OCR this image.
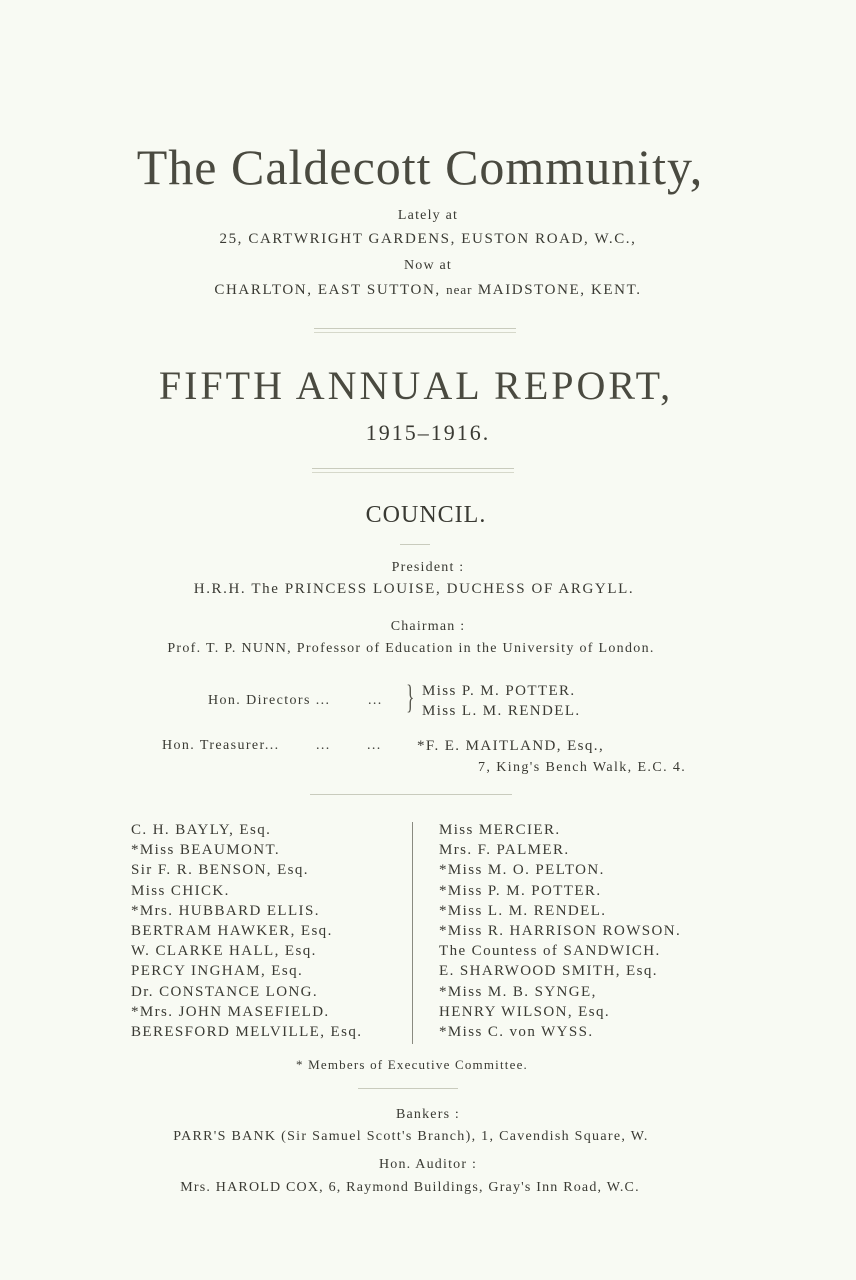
The Caldecott Community,
Lately at
25, CARTWRIGHT GARDENS, EUSTON ROAD, W.C.,
Now at
CHARLTON, EAST SUTTON, near MAIDSTONE, KENT.
FIFTH ANNUAL REPORT,
1915–1916.
COUNCIL.
President :
H.R.H. The PRINCESS LOUISE, DUCHESS OF ARGYLL.
Chairman :
Prof. T. P. NUNN, Professor of Education in the University of London.
Hon. Directors ...	... } Miss P. M. POTTER.
Miss L. M. RENDEL.
Hon. Treasurer...	...	... *F. E. MAITLAND, Esq.,
7, King's Bench Walk, E.C. 4.
C. H. BAYLY, Esq.
*Miss BEAUMONT.
Sir F. R. BENSON, Esq.
Miss CHICK.
*Mrs. HUBBARD ELLIS.
BERTRAM HAWKER, Esq.
W. CLARKE HALL, Esq.
PERCY INGHAM, Esq.
Dr. CONSTANCE LONG.
*Mrs. JOHN MASEFIELD.
BERESFORD MELVILLE, Esq.
Miss MERCIER.
Mrs. F. PALMER.
*Miss M. O. PELTON.
*Miss P. M. POTTER.
*Miss L. M. RENDEL.
*Miss R. HARRISON ROWSON.
The Countess of SANDWICH.
E. SHARWOOD SMITH, Esq.
*Miss M. B. SYNGE,
HENRY WILSON, Esq.
*Miss C. von WYSS.
* Members of Executive Committee.
Bankers :
PARR'S BANK (Sir Samuel Scott's Branch), 1, Cavendish Square, W.
Hon. Auditor :
Mrs. HAROLD COX, 6, Raymond Buildings, Gray's Inn Road, W.C.
